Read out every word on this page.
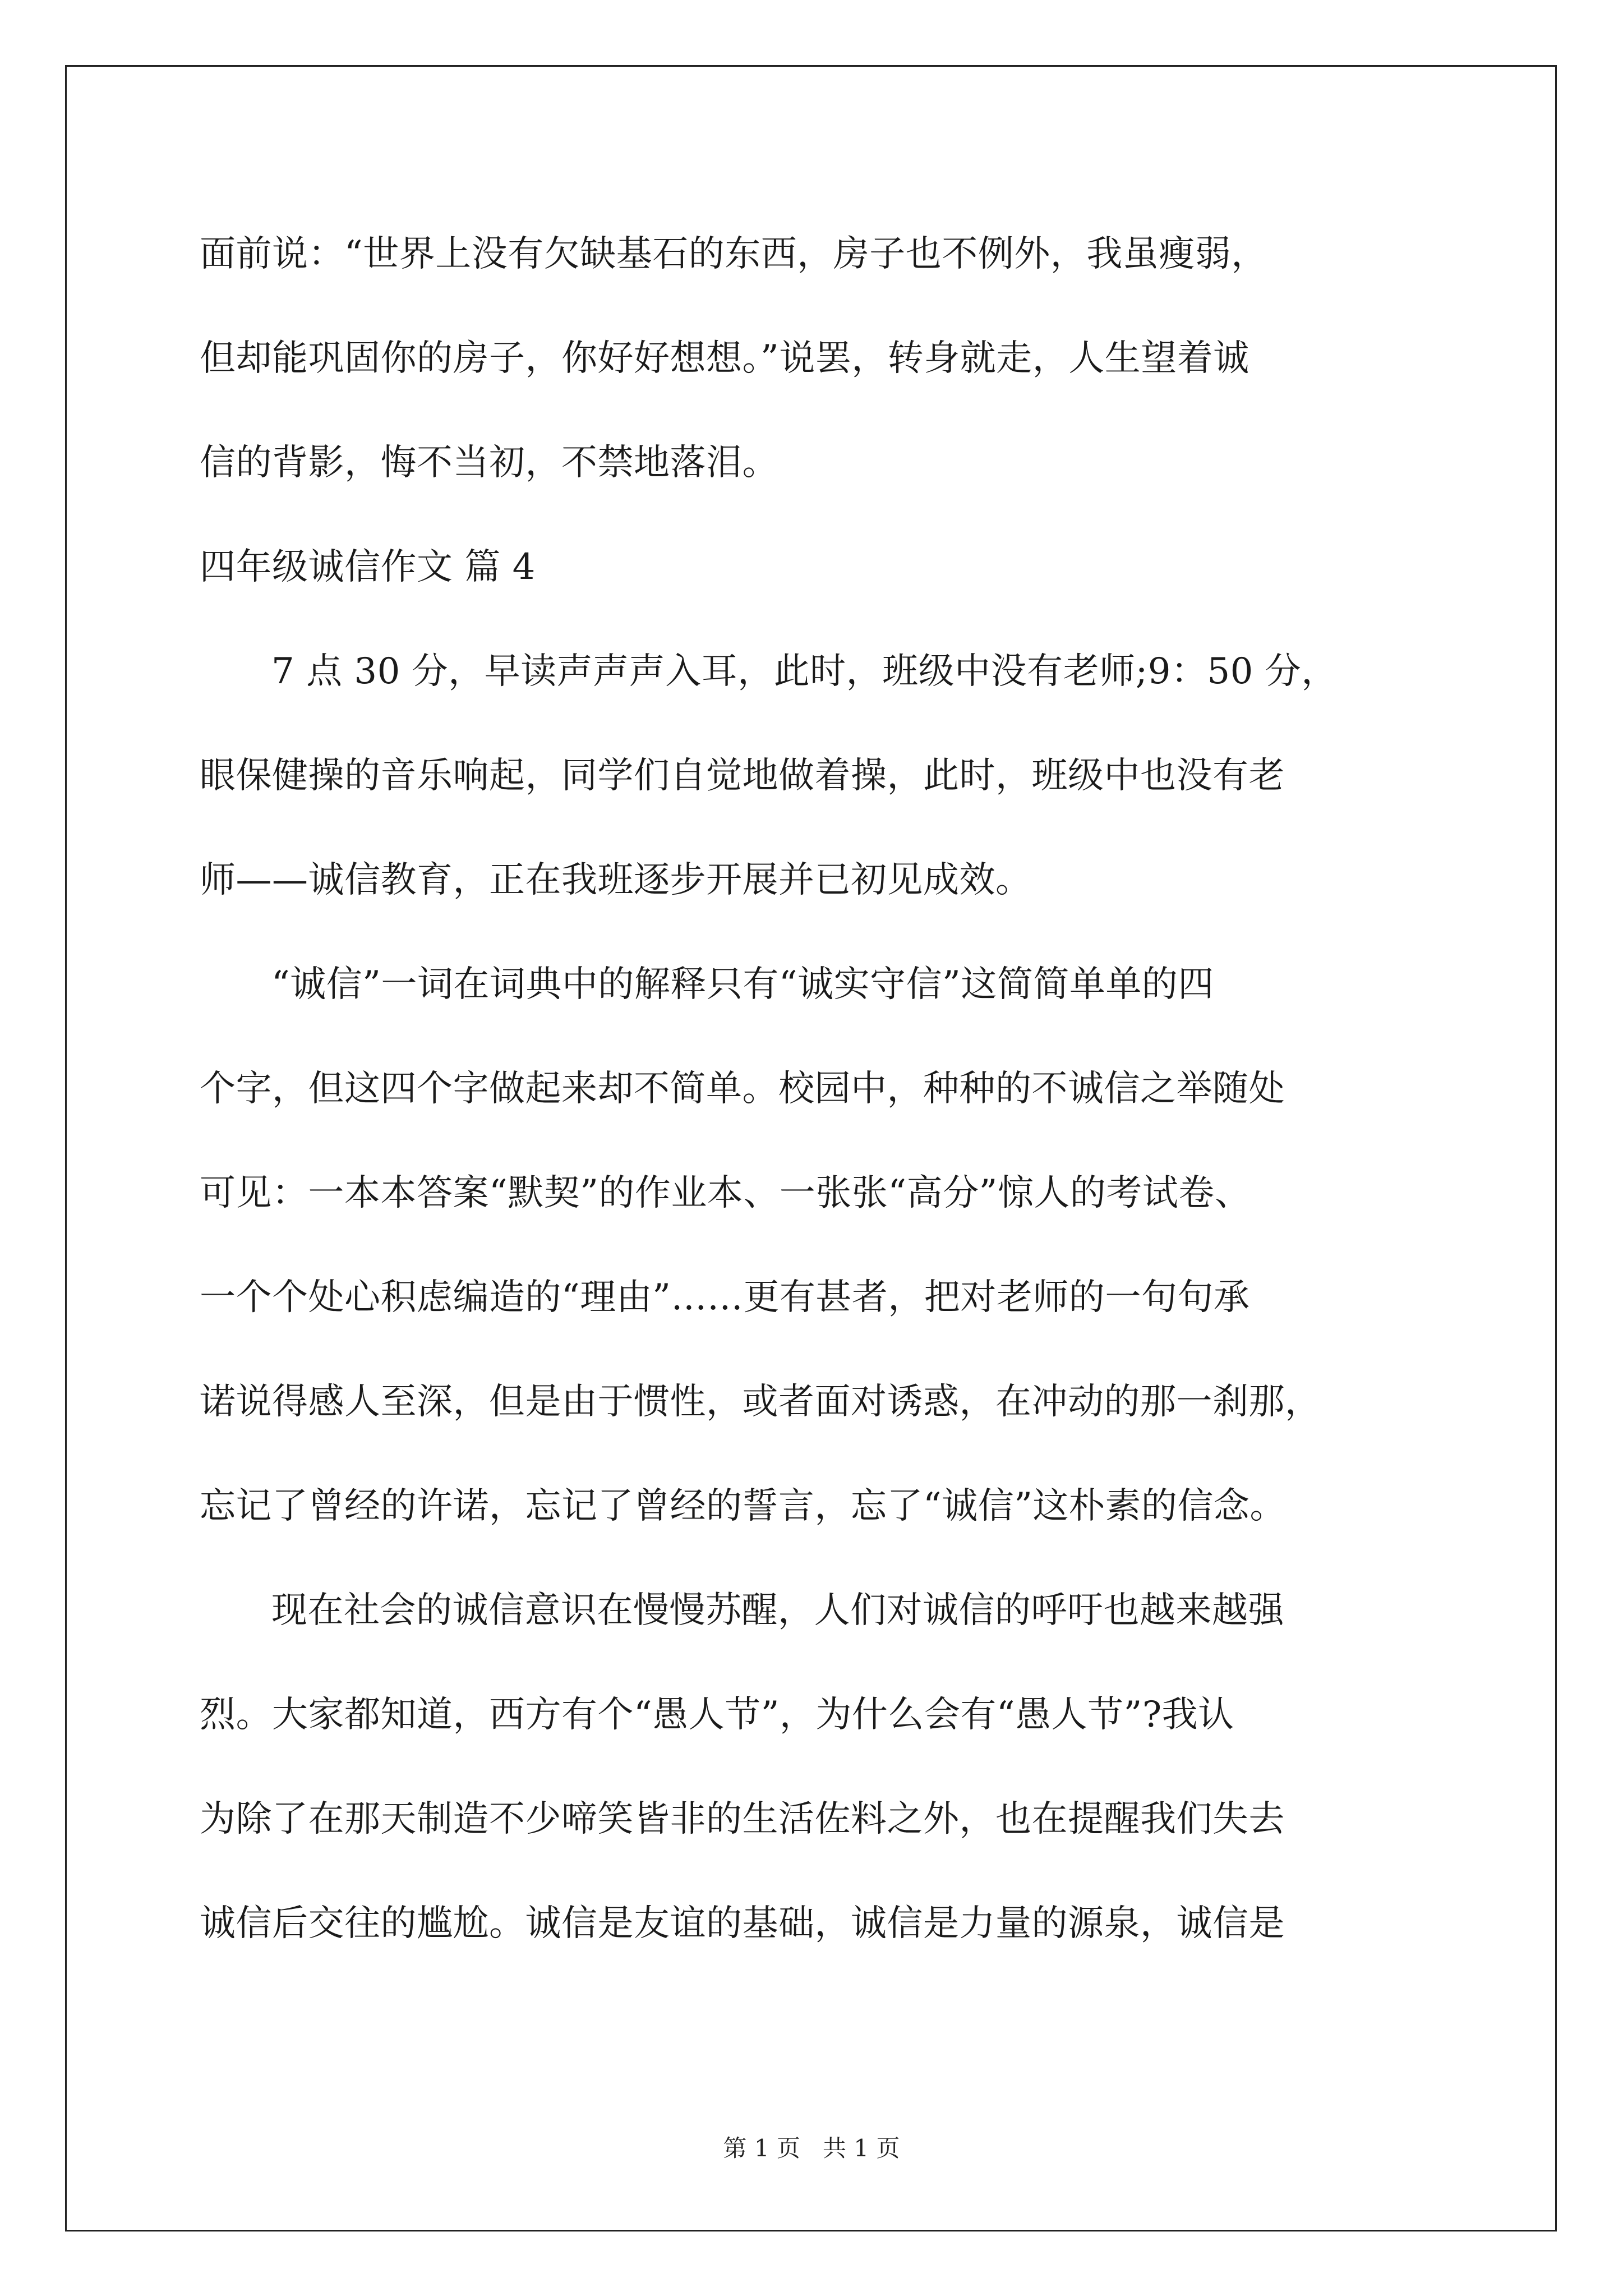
面前说：“世界上没有欠缺基石的东西，房子也不例外，我虽瘦弱，
但却能巩固你的房子，你好好想想。”说罢，转身就走，人生望着诚
信的背影，悔不当初，不禁地落泪。
四年级诚信作文 篇 4
7 点 30 分，早读声声声入耳，此时，班级中没有老师;9：50 分，
眼保健操的音乐响起，同学们自觉地做着操，此时，班级中也没有老
师——诚信教育，正在我班逐步开展并已初见成效。
“诚信”一词在词典中的解释只有“诚实守信”这简简单单的四
个字，但这四个字做起来却不简单。校园中，种种的不诚信之举随处
可见：一本本答案“默契”的作业本、一张张“高分”惊人的考试卷、
一个个处心积虑编造的“理由”……更有甚者，把对老师的一句句承
诺说得感人至深，但是由于惯性，或者面对诱惑，在冲动的那一刹那，
忘记了曾经的许诺，忘记了曾经的誓言，忘了“诚信”这朴素的信念。
现在社会的诚信意识在慢慢苏醒，人们对诚信的呼吁也越来越强
烈。大家都知道，西方有个“愚人节”，为什么会有“愚人节”?我认
为除了在那天制造不少啼笑皆非的生活佐料之外，也在提醒我们失去
诚信后交往的尴尬。诚信是友谊的基础，诚信是力量的源泉，诚信是
第 1 页   共 1 页
